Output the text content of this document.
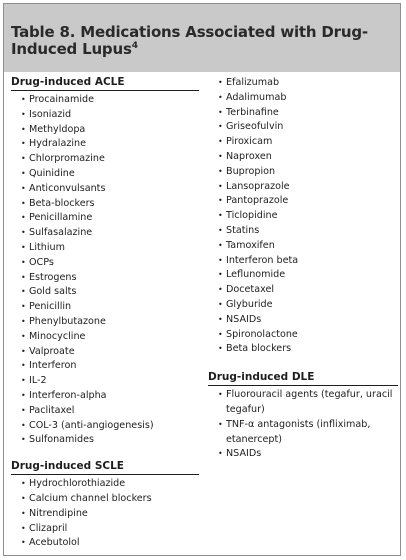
Table 8. Medications Associated with Drug-Induced Lupus$^4$
Drug-induced ACLE
• Procainamide
• Isoniazid
• Methyldopa
• Hydralazine
• Chlorpromazine
• Quinidine
• Anticonvulsants
• Beta-blockers
• Penicillamine
• Sulfasalazine
• Lithium
• OCPs
• Estrogens
• Gold salts
• Penicillin
• Phenylbutazone
• Minocycline
• Valproate
• Interferon
• IL-2
• Interferon-alpha
• Paclitaxel
• COL-3 (anti-angiogenesis)
• Sulfonamides
Drug-induced SCLE
• Hydrochlorothiazide
• Calcium channel blockers
• Nitrendipine
• Clizapril
• Acebutolol
• Efalizumab
• Adalimumab
• Terbinafine
• Griseofulvin
• Piroxicam
• Naproxen
• Bupropion
• Lansoprazole
• Pantoprazole
• Ticlopidine
• Statins
• Tamoxifen
• Interferon beta
• Leflunomide
• Docetaxel
• Glyburide
• NSAIDs
• Spironolactone
• Beta blockers
Drug-induced DLE
• Fluorouracil agents (tegafur, uracil tegafur)
• TNF-α antagonists (infliximab, etanercept)
• NSAIDs
